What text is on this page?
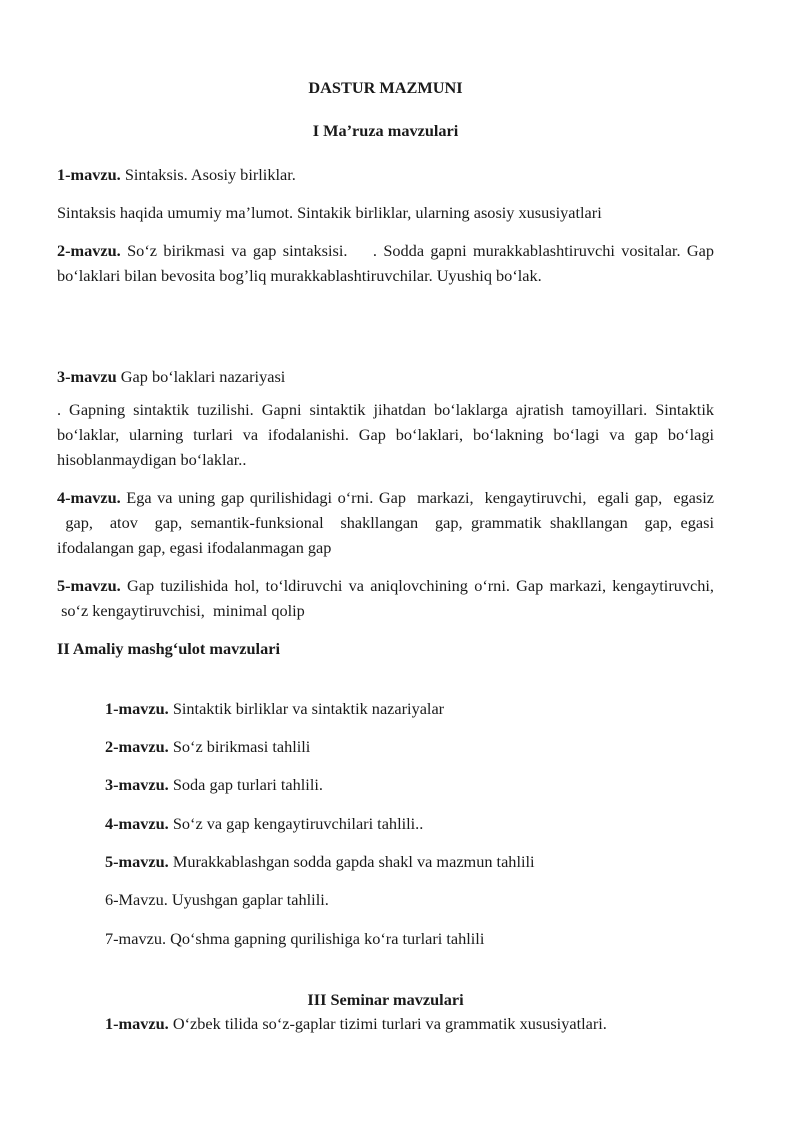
DASTUR MAZMUNI
I Ma’ruza mavzulari
1-mavzu. Sintaksis. Asosiy birliklar.
Sintaksis haqida umumiy ma’lumot. Sintakik birliklar, ularning asosiy xususiyatlari
2-mavzu. So‘z birikmasi va gap sintaksisi.    . Sodda gapni murakkablashtiruvchi vositalar. Gap bo‘laklari bilan bevosita bog’liq murakkablashtiruvchilar. Uyushiq bo‘lak.
3-mavzu Gap bo‘laklari nazariyasi
. Gapning sintaktik tuzilishi. Gapni sintaktik jihatdan bo‘laklarga ajratish tamoyillari. Sintaktik bo‘laklar, ularning turlari va ifodalanishi. Gap bo‘laklari, bo‘lakning bo‘lagi va gap bo‘lagi hisoblanmaydigan bo‘laklar..
4-mavzu. Ega va uning gap qurilishidagi o‘rni. Gap  markazi,  kengaytiruvchi,  egali gap,  egasiz  gap,  atov  gap, semantik-funksional  shakllangan  gap, grammatik shakllangan  gap, egasi ifodalangan gap, egasi ifodalanmagan gap
5-mavzu. Gap tuzilishida hol, to‘ldiruvchi va aniqlovchining o‘rni. Gap markazi, kengaytiruvchi,  so‘z kengaytiruvchisi,  minimal qolip
II Amaliy mashg‘ulot mavzulari
1-mavzu. Sintaktik birliklar va sintaktik nazariyalar
2-mavzu. So‘z birikmasi tahlili
3-mavzu. Soda gap turlari tahlili.
4-mavzu. So‘z va gap kengaytiruvchilari tahlili..
5-mavzu. Murakkablashgan sodda gapda shakl va mazmun tahlili
6-Mavzu. Uyushgan gaplar tahlili.
7-mavzu. Qo‘shma gapning qurilishiga ko‘ra turlari tahlili
III Seminar mavzulari
1-mavzu. O‘zbek tilida so‘z-gaplar tizimi turlari va grammatik xususiyatlari.
